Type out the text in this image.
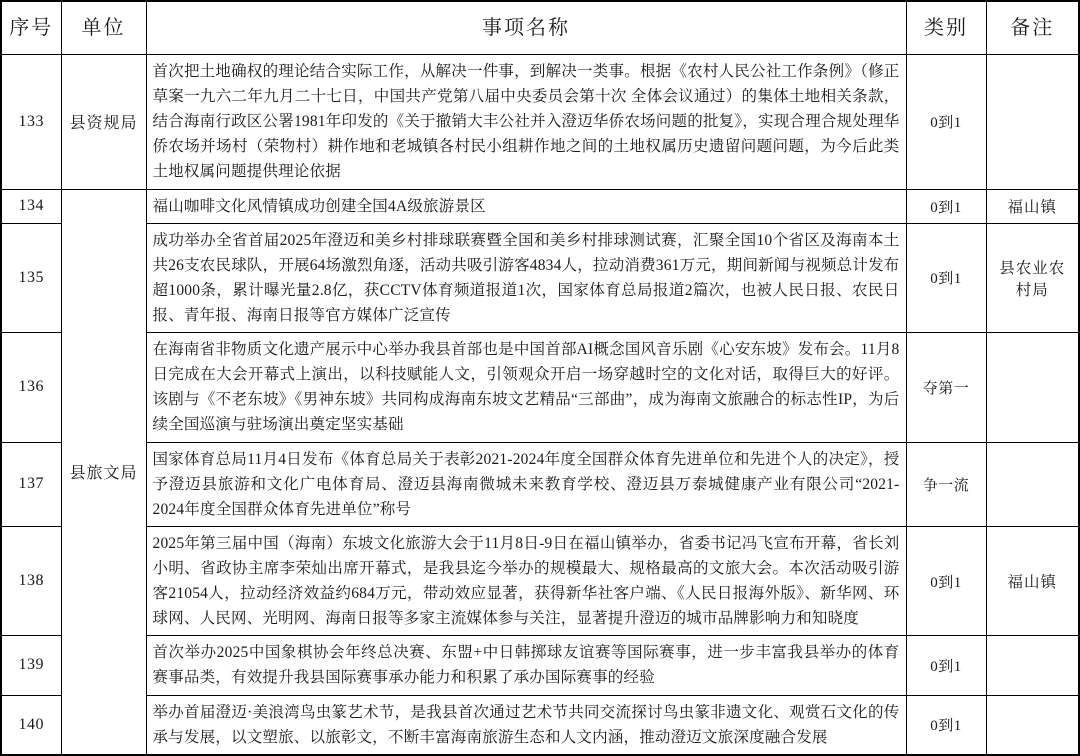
序号	单位	事项名称	类别	备注
133	县资规局	首次把土地确权的理论结合实际工作，从解决一件事，到解决一类事。根据《农村人民公社工作条例》（修正草案一九六二年九月二十七日，中国共产党第八届中央委员会第十次 全体会议通过）的集体土地相关条款，结合海南行政区公署1981年印发的《关于撤销大丰公社并入澄迈华侨农场问题的批复》，实现合理合规处理华侨农场并场村（荣物村）耕作地和老城镇各村民小组耕作地之间的土地权属历史遗留问题问题，为今后此类土地权属问题提供理论依据	0到1	
134	县旅文局	福山咖啡文化风情镇成功创建全国4A级旅游景区	0到1	福山镇
135		成功举办全省首届2025年澄迈和美乡村排球联赛暨全国和美乡村排球测试赛，汇聚全国10个省区及海南本土共26支农民球队，开展64场激烈角逐，活动共吸引游客4834人，拉动消费361万元，期间新闻与视频总计发布超1000条，累计曝光量2.8亿，获CCTV体育频道报道1次，国家体育总局报道2篇次，也被人民日报、农民日报、青年报、海南日报等官方媒体广泛宣传	0到1	县农业农村局
136		在海南省非物质文化遗产展示中心举办我县首部也是中国首部AI概念国风音乐剧《心安东坡》发布会。11月8日完成在大会开幕式上演出，以科技赋能人文，引领观众开启一场穿越时空的文化对话，取得巨大的好评。该剧与《不老东坡》《男神东坡》共同构成海南东坡文艺精品“三部曲”，成为海南文旅融合的标志性IP，为后续全国巡演与驻场演出奠定坚实基础	夺第一	
137		国家体育总局11月4日发布《体育总局关于表彰2021-2024年度全国群众体育先进单位和先进个人的决定》，授予澄迈县旅游和文化广电体育局、澄迈县海南微城未来教育学校、澄迈县万泰城健康产业有限公司“2021-2024年度全国群众体育先进单位”称号	争一流	
138		2025年第三届中国（海南）东坡文化旅游大会于11月8日-9日在福山镇举办，省委书记冯飞宣布开幕，省长刘小明、省政协主席李荣灿出席开幕式，是我县迄今举办的规模最大、规格最高的文旅大会。本次活动吸引游客21054人，拉动经济效益约684万元，带动效应显著，获得新华社客户端、《人民日报海外版》、新华网、环球网、人民网、光明网、海南日报等多家主流媒体参与关注，显著提升澄迈的城市品牌影响力和知晓度	0到1	福山镇
139		首次举办2025中国象棋协会年终总决赛、东盟+中日韩掷球友谊赛等国际赛事，进一步丰富我县举办的体育赛事品类，有效提升我县国际赛事承办能力和积累了承办国际赛事的经验	0到1	
140		举办首届澄迈·美浪湾鸟虫篆艺术节，是我县首次通过艺术节共同交流探讨鸟虫篆非遗文化、观赏石文化的传承与发展，以文塑旅、以旅彰文，不断丰富海南旅游生态和人文内涵，推动澄迈文旅深度融合发展	0到1	
